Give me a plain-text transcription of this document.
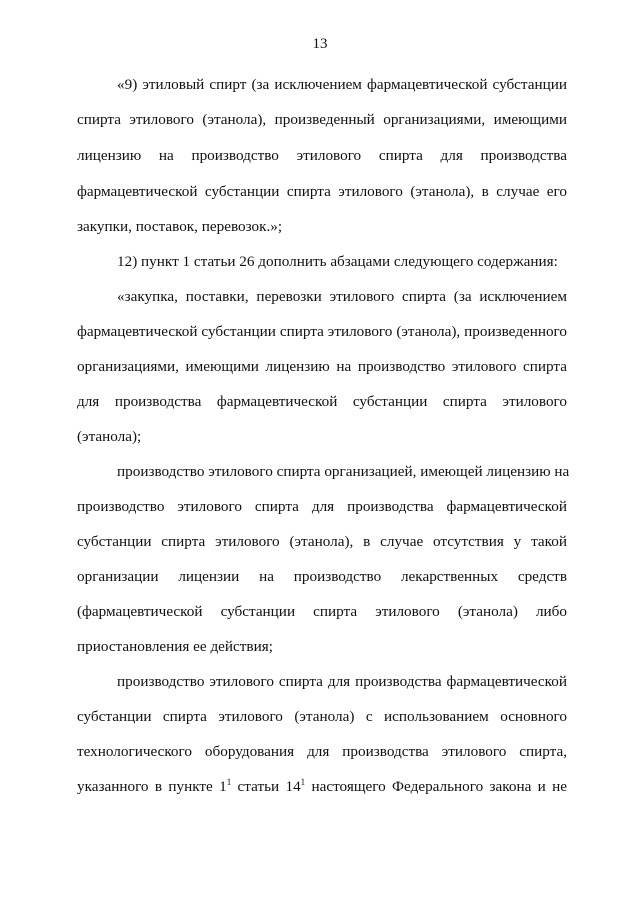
13
«9) этиловый спирт (за исключением фармацевтической субстанции
спирта этилового (этанола), произведенный организациями, имеющими
лицензию на производство этилового спирта для производства
фармацевтической субстанции спирта этилового (этанола), в случае его
закупки, поставок, перевозок.»;
12) пункт 1 статьи 26 дополнить абзацами следующего содержания:
«закупка, поставки, перевозки этилового спирта (за исключением
фармацевтической субстанции спирта этилового (этанола), произведенного
организациями, имеющими лицензию на производство этилового спирта
для производства фармацевтической субстанции спирта этилового
(этанола);
производство этилового спирта организацией, имеющей лицензию на
производство этилового спирта для производства фармацевтической
субстанции спирта этилового (этанола), в случае отсутствия у такой
организации лицензии на производство лекарственных средств
(фармацевтической субстанции спирта этилового (этанола) либо
приостановления ее действия;
производство этилового спирта для производства фармацевтической
субстанции спирта этилового (этанола) с использованием основного
технологического оборудования для производства этилового спирта,
указанного в пункте $1^1$ статьи $14^1$ настоящего Федерального закона и не
